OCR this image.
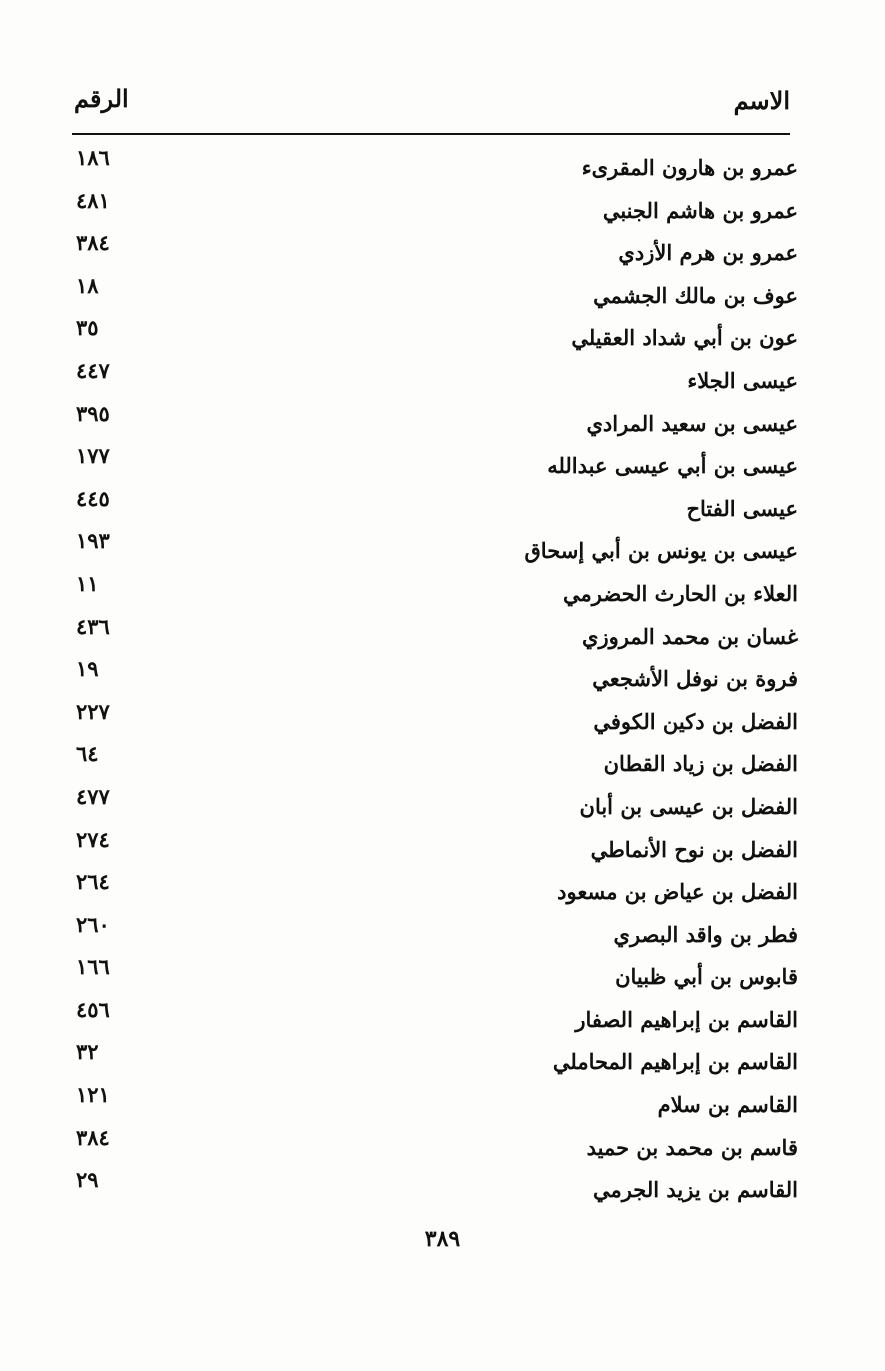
الاسم
الرقم
عمرو بن هارون المقرىء
١٨٦
عمرو بن هاشم الجنبي
٤٨١
عمرو بن هرم الأزدي
٣٨٤
عوف بن مالك الجشمي
١٨
عون بن أبي شداد العقيلي
٣٥
عيسى الجلاء
٤٤٧
عيسى بن سعيد المرادي
٣٩٥
عيسى بن أبي عيسى عبدالله
١٧٧
عيسى الفتاح
٤٤٥
عيسى بن يونس بن أبي إسحاق
١٩٣
العلاء بن الحارث الحضرمي
١١
غسان بن محمد المروزي
٤٣٦
فروة بن نوفل الأشجعي
١٩
الفضل بن دكين الكوفي
٢٢٧
الفضل بن زياد القطان
٦٤
الفضل بن عيسى بن أبان
٤٧٧
الفضل بن نوح الأنماطي
٢٧٤
الفضل بن عياض بن مسعود
٢٦٤
فطر بن واقد البصري
٢٦٠
قابوس بن أبي ظبيان
١٦٦
القاسم بن إبراهيم الصفار
٤٥٦
القاسم بن إبراهيم المحاملي
٣٢
القاسم بن سلام
١٢١
قاسم بن محمد بن حميد
٣٨٤
القاسم بن يزيد الجرمي
٢٩
٣٨٩
